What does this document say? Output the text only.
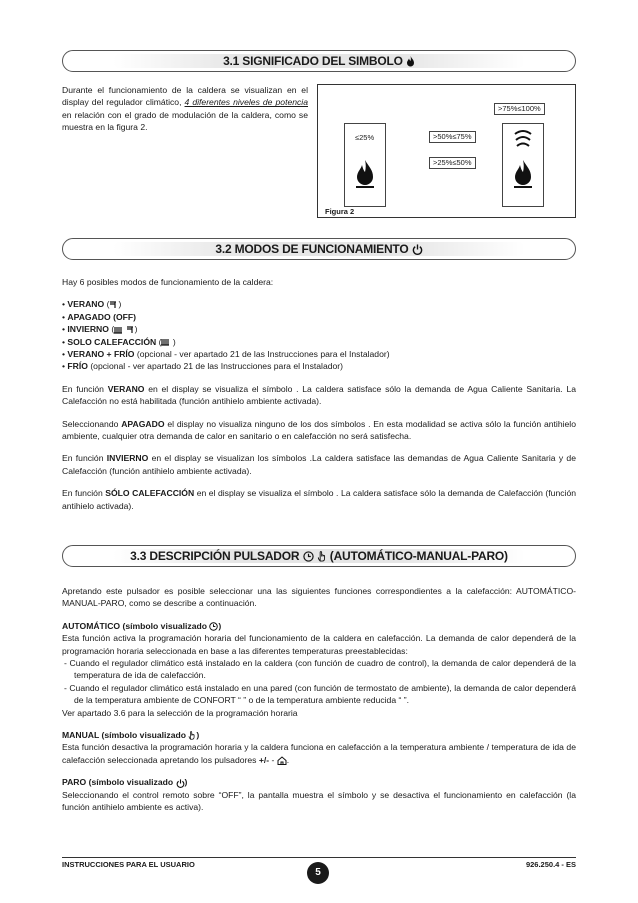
3.1 SIGNIFICADO DEL SIMBOLO

Durante el funcionamiento de la caldera se visualizan en el display del regulador climático, 4 diferentes niveles de potencia en relación con el grado de modulación de la caldera, como se muestra en la figura 2.

≤25%
>75%≤100%
>50%≤75%
>25%≤50%
Figura 2
3.2 MODOS DE FUNCIONAMIENTO

Hay 6 posibles modos de funcionamiento de la caldera:

• VERANO ( )

• APAGADO (OFF)

• INVIERNO ( )

• SOLO CALEFACCIÓN ( )

• VERANO + FRÍO (opcional - ver apartado 21 de las Instrucciones para el Instalador)

• FRÍO (opcional - ver apartado 21 de las Instrucciones para el Instalador)

En función VERANO en el display se visualiza el símbolo . La caldera satisface sólo la demanda de Agua Caliente Sanitaria. La Calefacción no está habilitada (función antihielo ambiente activada).

Seleccionando APAGADO el display no visualiza ninguno de los dos símbolos . En esta modalidad se activa sólo la función antihielo ambiente, cualquier otra demanda de calor en sanitario o en calefacción no será satisfecha.

En función INVIERNO en el display se visualizan los símbolos .La caldera satisface las demandas de Agua Caliente Sanitaria y de Calefacción (función antihielo ambiente activada).

En función SÓLO CALEFACCIÓN en el display se visualiza el símbolo . La caldera satisface sólo la demanda de Calefacción (función antihielo activada).

3.3 DESCRIPCIÓN PULSADOR	(AUTOMÁTICO-MANUAL-PARO)

Apretando este pulsador es posible seleccionar una las siguientes funciones correspondientes a la calefacción: AUTOMÁTICO-MANUAL-PARO, como se describe a continuación.

AUTOMÁTICO (símbolo visualizado )

Esta función activa la programación horaria del funcionamiento de la caldera en calefacción. La demanda de calor dependerá de la programación horaria seleccionada en base a las diferentes temperaturas preestablecidas:

- Cuando el regulador climático está instalado en la caldera (con función de cuadro de control), la demanda de calor dependerá de la temperatura de ida de calefacción.

- Cuando el regulador climático está instalado en una pared (con función de termostato de ambiente), la demanda de calor dependerá de la temperatura ambiente de CONFORT “ ” o de la temperatura ambiente reducida “ ”.

Ver apartado 3.6 para la selección de la programación horaria

MANUAL (símbolo visualizado )

Esta función desactiva la programación horaria y la caldera funciona en calefacción a la temperatura ambiente / temperatura de ida de calefacción seleccionada apretando los pulsadores +/- - .

PARO (símbolo visualizado )

Seleccionando el control remoto sobre “OFF”, la pantalla muestra el símbolo y se desactiva el funcionamiento en calefacción (la función antihielo ambiente es activa).

INSTRUCCIONES PARA EL USUARIO
5
926.250.4 - ES
